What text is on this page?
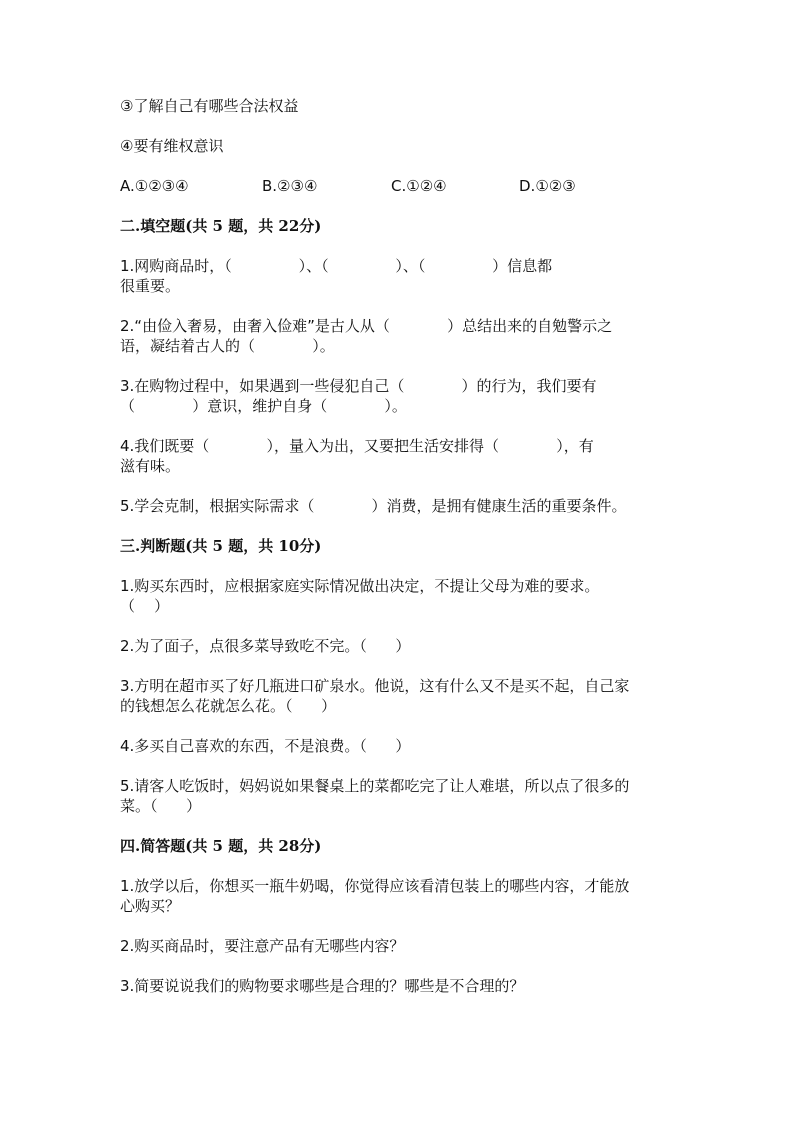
③了解自己有哪些合法权益

④要有维权意识

A.①②③④	B.②③④	C.①②④	D.①②③

二.填空题(共 5 题，共 22分)

1.网购商品时，（              ）、（              ）、（              ）信息都

很重要。

2.“由俭入奢易，由奢入俭难”是古人从（            ）总结出来的自勉警示之

语，凝结着古人的（            ）。

3.在购物过程中，如果遇到一些侵犯自己（            ）的行为，我们要有

（            ）意识，维护自身（            ）。

4.我们既要（            ），量入为出，又要把生活安排得（            ），有

滋有味。

5.学会克制，根据实际需求（            ）消费，是拥有健康生活的重要条件。

三.判断题(共 5 题，共 10分)

1.购买东西时，应根据家庭实际情况做出决定，不提让父母为难的要求。

（    ）

2.为了面子，点很多菜导致吃不完。（      ）

3.方明在超市买了好几瓶进口矿泉水。他说，这有什么又不是买不起，自己家

的钱想怎么花就怎么花。（      ）

4.多买自己喜欢的东西，不是浪费。（      ）

5.请客人吃饭时，妈妈说如果餐桌上的菜都吃完了让人难堪，所以点了很多的

菜。（      ）

四.简答题(共 5 题，共 28分)

1.放学以后，你想买一瓶牛奶喝，你觉得应该看清包装上的哪些内容，才能放

心购买？

2.购买商品时，要注意产品有无哪些内容？

3.简要说说我们的购物要求哪些是合理的？哪些是不合理的？
